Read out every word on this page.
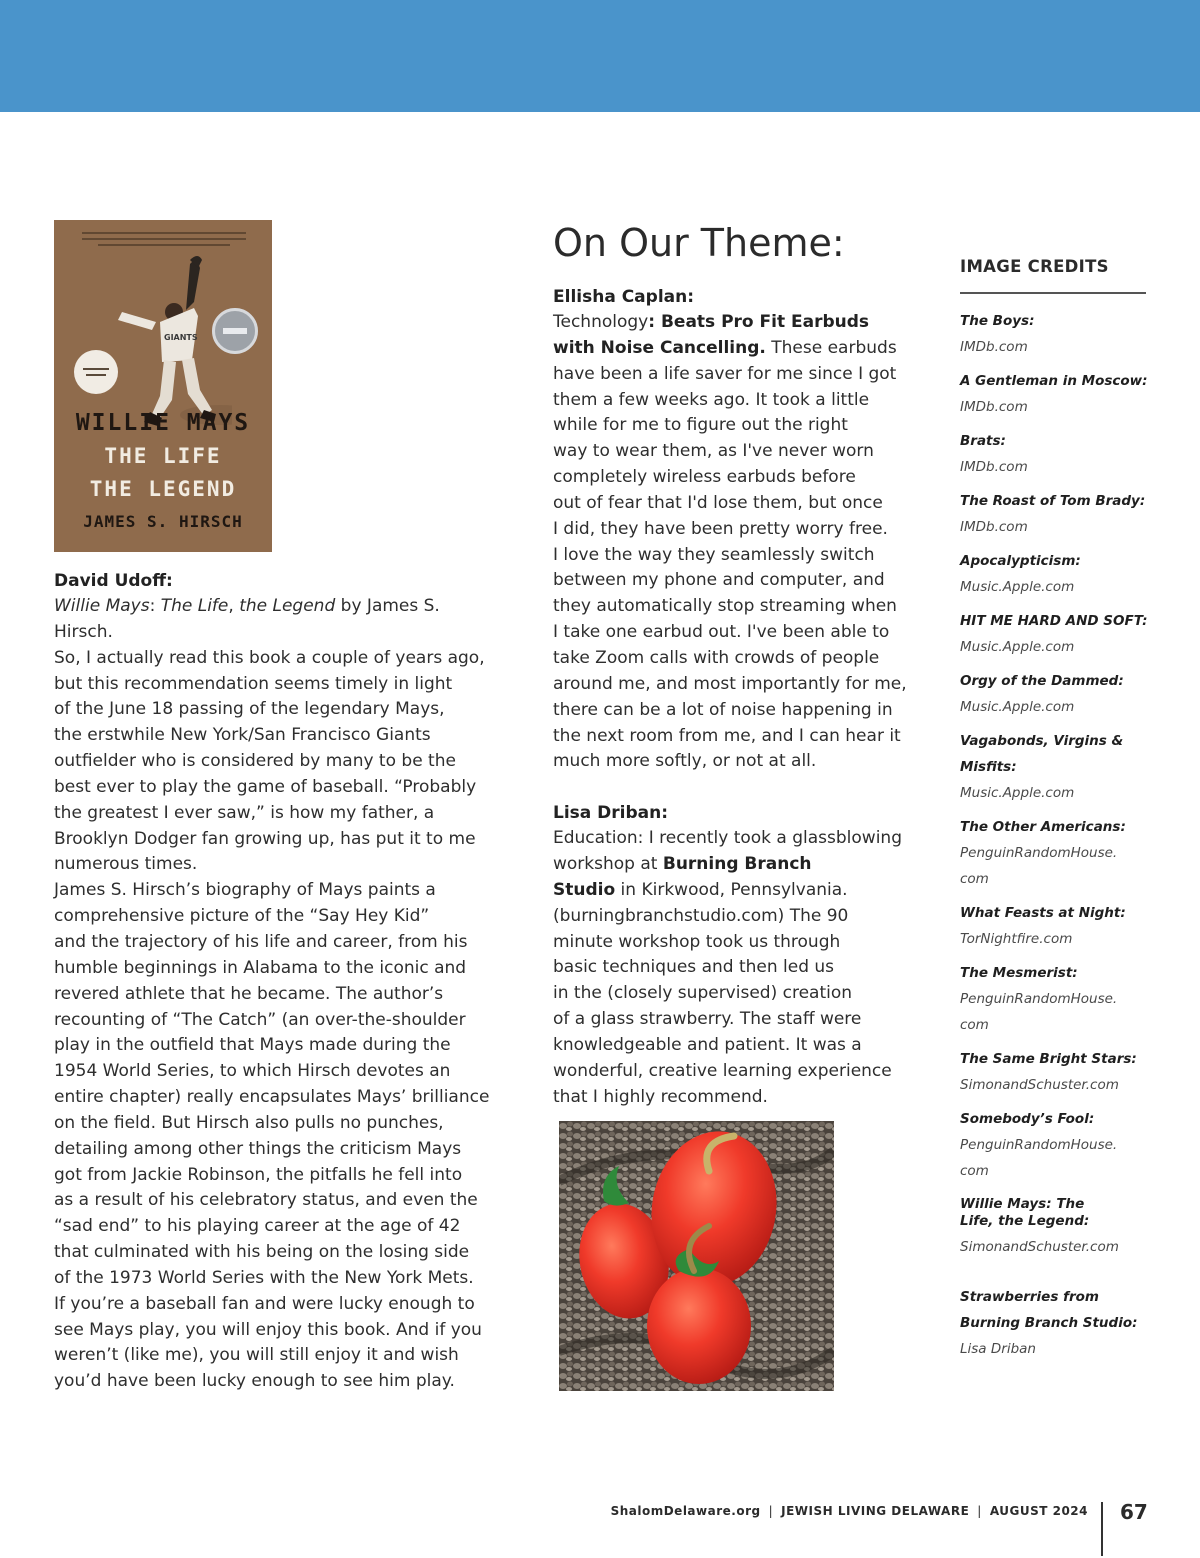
GIANTS
WILLIE MAYS
THE LIFE
THE LEGEND
JAMES S. HIRSCH
David Udoff:
Willie Mays: The Life, the Legend by James S.
Hirsch.
So, I actually read this book a couple of years ago,
but this recommendation seems timely in light
of the June 18 passing of the legendary Mays,
the erstwhile New York/San Francisco Giants
outfielder who is considered by many to be the
best ever to play the game of baseball. “Probably
the greatest I ever saw,” is how my father, a
Brooklyn Dodger fan growing up, has put it to me
numerous times.
James S. Hirsch’s biography of Mays paints a
comprehensive picture of the “Say Hey Kid”
and the trajectory of his life and career, from his
humble beginnings in Alabama to the iconic and
revered athlete that he became. The author’s
recounting of “The Catch” (an over-the-shoulder
play in the outfield that Mays made during the
1954 World Series, to which Hirsch devotes an
entire chapter) really encapsulates Mays’ brilliance
on the field. But Hirsch also pulls no punches,
detailing among other things the criticism Mays
got from Jackie Robinson, the pitfalls he fell into
as a result of his celebratory status, and even the
“sad end” to his playing career at the age of 42
that culminated with his being on the losing side
of the 1973 World Series with the New York Mets.
If you’re a baseball fan and were lucky enough to
see Mays play, you will enjoy this book. And if you
weren’t (like me), you will still enjoy it and wish
you’d have been lucky enough to see him play.
On Our Theme:
Ellisha Caplan:
Technology: Beats Pro Fit Earbuds
with Noise Cancelling. These earbuds
have been a life saver for me since I got
them a few weeks ago. It took a little
while for me to figure out the right
way to wear them, as I've never worn
completely wireless earbuds before
out of fear that I'd lose them, but once
I did, they have been pretty worry free.
I love the way they seamlessly switch
between my phone and computer, and
they automatically stop streaming when
I take one earbud out. I've been able to
take Zoom calls with crowds of people
around me, and most importantly for me,
there can be a lot of noise happening in
the next room from me, and I can hear it
much more softly, or not at all.
Lisa Driban:
Education: I recently took a glassblowing
workshop at Burning Branch
Studio in Kirkwood, Pennsylvania.
(burningbranchstudio.com) The 90
minute workshop took us through
basic techniques and then led us
in the (closely supervised) creation
of a glass strawberry. The staff were
knowledgeable and patient. It was a
wonderful, creative learning experience
that I highly recommend.
IMAGE CREDITS
The Boys:
IMDb.com
A Gentleman in Moscow:
IMDb.com
Brats:
IMDb.com
The Roast of Tom Brady:
IMDb.com
Apocalypticism:
Music.Apple.com
HIT ME HARD AND SOFT:
Music.Apple.com
Orgy of the Dammed:
Music.Apple.com
Vagabonds, Virgins &
Misfits:
Music.Apple.com
The Other Americans:
PenguinRandomHouse.
com
What Feasts at Night:
TorNightfire.com
The Mesmerist:
PenguinRandomHouse.
com
The Same Bright Stars:
SimonandSchuster.com
Somebody’s Fool:
PenguinRandomHouse.
com
Willie Mays: The
Life, the Legend:
SimonandSchuster.com
Strawberries from
Burning Branch Studio:
Lisa Driban
ShalomDelaware.org | JEWISH LIVING DELAWARE | AUGUST 2024 67
